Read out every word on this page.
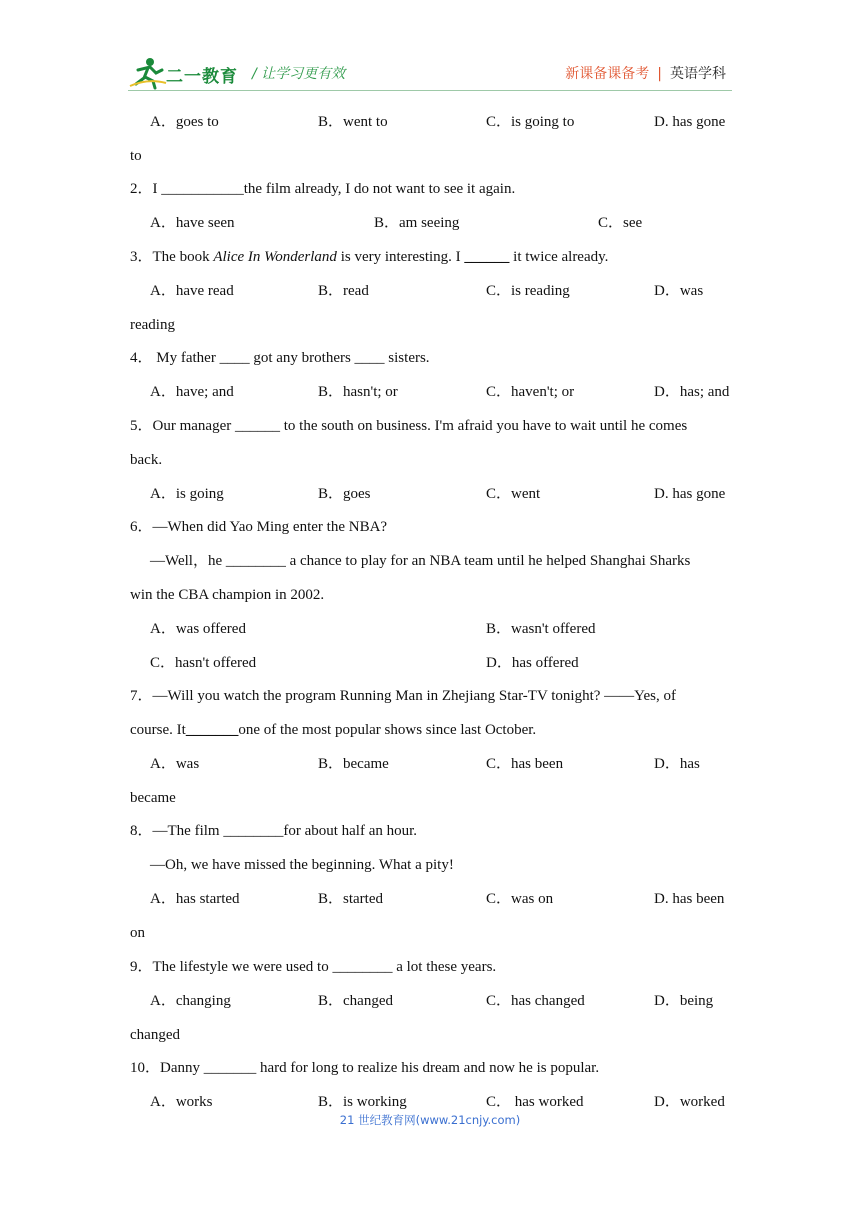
二一教育 / 让学习更有效	新课备课备考 | 英语学科
A．goes to	B．went to	C．is going to	D. has gone
to
2．I ___________the film already, I do not want to see it again.
A．have seen	B．am seeing	C．see
3．The book Alice In Wonderland is very interesting. I ______ it twice already.
A．have read	B．read	C．is reading	D．was
reading
4． My father ____ got any brothers ____ sisters.
A．have; and	B．hasn't; or	C．haven't; or	D．has; and
5．Our manager ______ to the south on business. I'm afraid you have to wait until he comes
back.
A．is going	B．goes	C．went	D. has gone
6．—When did Yao Ming enter the NBA?
—Well，he ________ a chance to play for an NBA team until he helped Shanghai Sharks
win the CBA champion in 2002.
A．was offered	B．wasn't offered
C．hasn't offered	D．has offered
7．—Will you watch the program Running Man in Zhejiang Star-TV tonight? ——Yes, of
course. It_______one of the most popular shows since last October.
A．was	B．became	C．has been	D．has
became
8．—The film ________for about half an hour.
—Oh, we have missed the beginning. What a pity!
A．has started	B．started	C．was on	D. has been
on
9．The lifestyle we were used to ________ a lot these years.
A．changing	B．changed	C．has changed	D．being
changed
10．Danny _______ hard for long to realize his dream and now he is popular.
A．works	B．is working	C． has worked	D．worked
21 世纪教育网(www.21cnjy.com)
